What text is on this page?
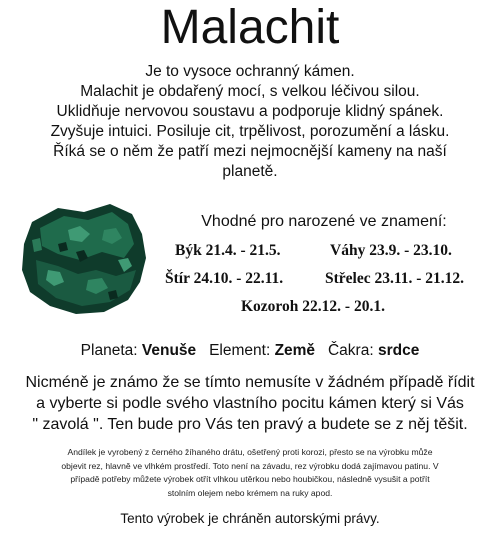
Malachit
Je to vysoce ochranný kámen.
Malachit je obdařený mocí, s velkou léčivou silou.
Uklidňuje nervovou soustavu a podporuje klidný spánek.
Zvyšuje intuici. Posiluje cit, trpělivost, porozumění a lásku.
Říká se o něm že patří mezi nejmocnější kameny na naší
planetě.
Vhodné pro narozené ve znamení:
Býk 21.4. - 21.5.	Váhy 23.9. - 23.10.
Štír 24.10. - 22.11.	Střelec 23.11. - 21.12.
Kozoroh 22.12. - 20.1.
Planeta: Venuše Element: Země Čakra: srdce
Nicméně je známo že se tímto nemusíte v žádném případě řídit
a vyberte si podle svého vlastního pocitu kámen který si Vás
" zavolá ". Ten bude pro Vás ten pravý a budete se z něj těšit.
Andílek je vyrobený z černého žíhaného drátu, ošetřený proti korozi, přesto se na výrobku může
objevit rez, hlavně ve vlhkém prostředí. Toto není na závadu, rez výrobku dodá zajímavou patinu. V
případě potřeby můžete výrobek otřít vlhkou utěrkou nebo houbičkou, následně vysušit a potřít
stolním olejem nebo krémem na ruky apod.
Tento výrobek je chráněn autorskými právy.
